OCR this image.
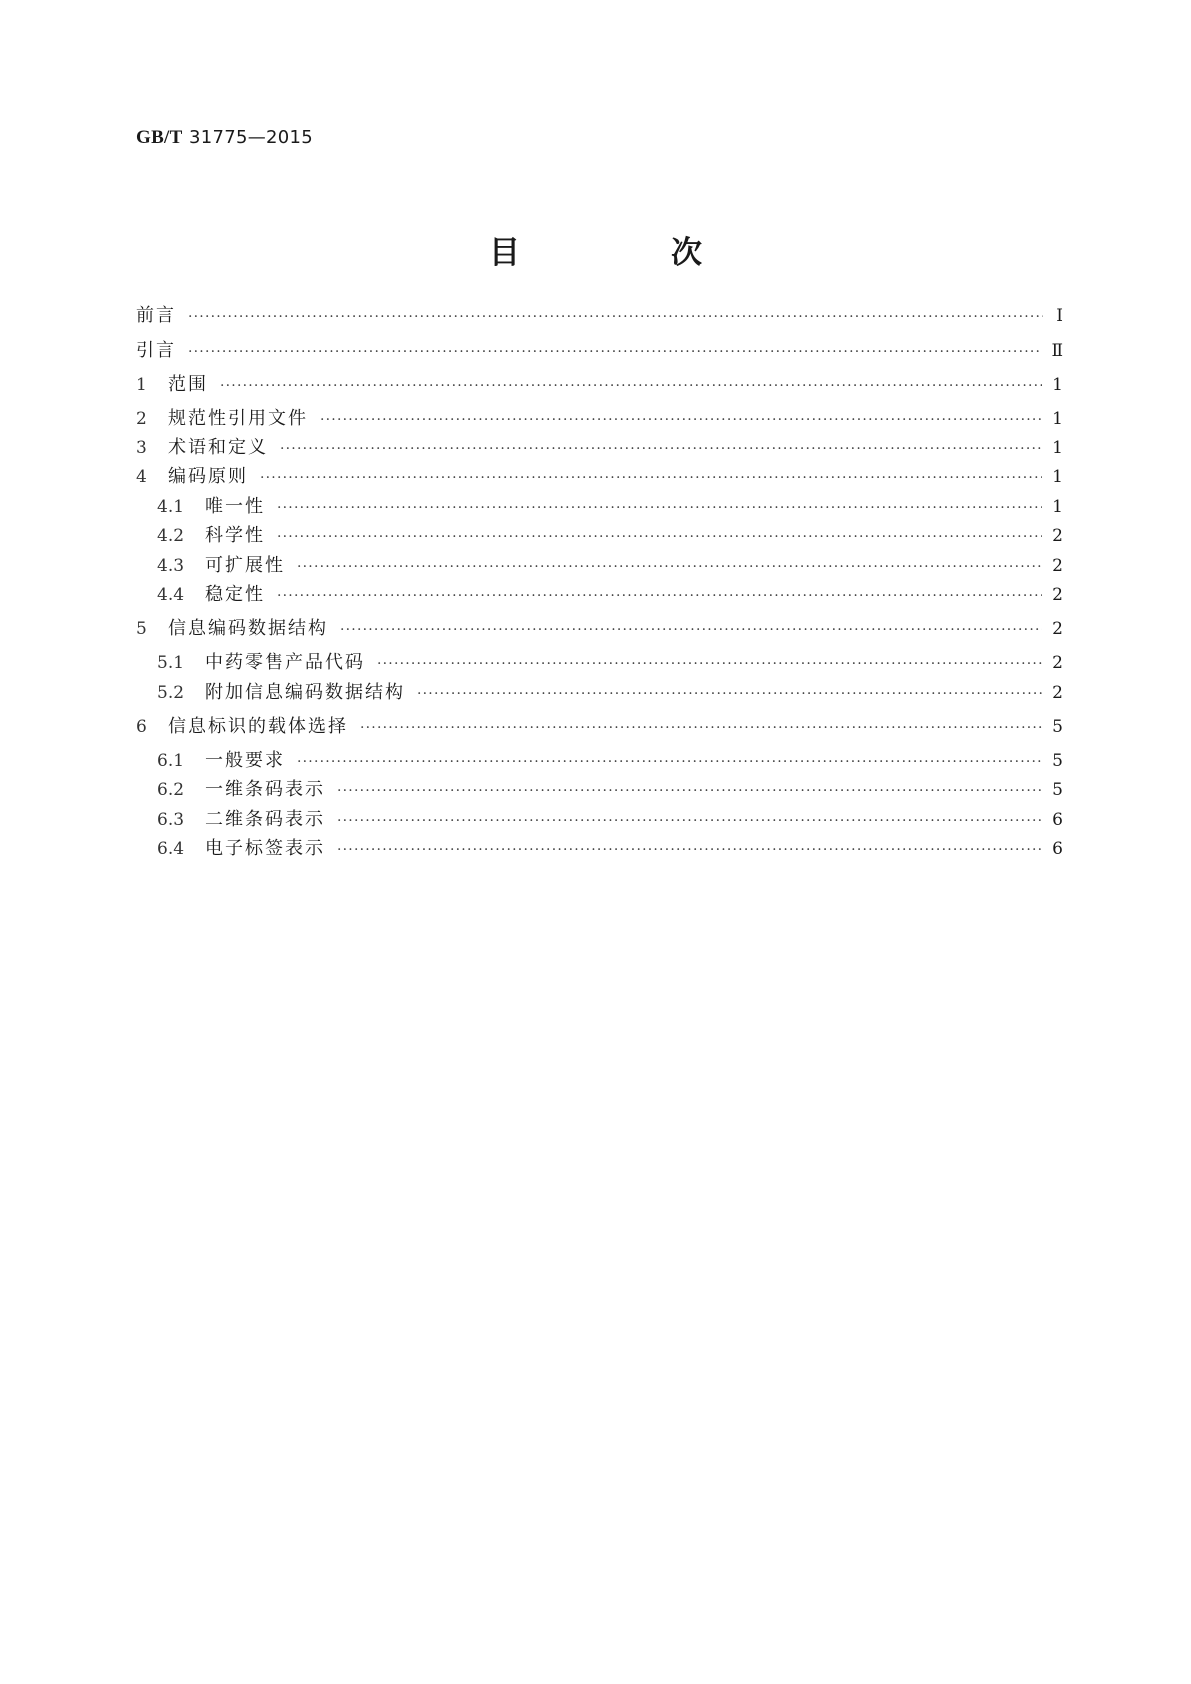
GB/T 31775—2015
目　次
前言 ·····	Ⅰ
引言 ·····	Ⅱ
1	范围 ·····	1
2	规范性引用文件 ·····	1
3	术语和定义 ·····	1
4	编码原则 ·····	1
4.1	唯一性 ·····	1
4.2	科学性 ·····	2
4.3	可扩展性 ·····	2
4.4	稳定性 ·····	2
5	信息编码数据结构 ·····	2
5.1	中药零售产品代码 ·····	2
5.2	附加信息编码数据结构 ·····	2
6	信息标识的载体选择 ·····	5
6.1	一般要求 ·····	5
6.2	一维条码表示 ·····	5
6.3	二维条码表示 ·····	6
6.4	电子标签表示 ·····	6
